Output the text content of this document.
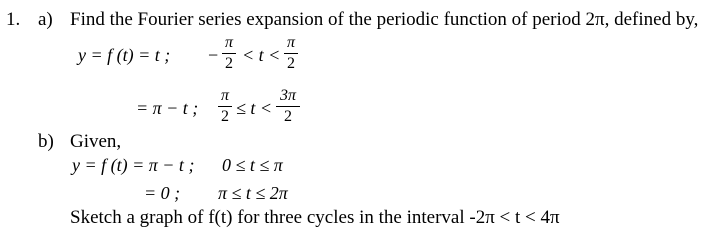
1. a) Find the Fourier series expansion of the periodic function of period 2π, defined by,
y = f (t) = t ; −
π
2 < t <
π
2
= π − t ;
π
2 ≤ t <
3π
2
b) Given,
y = f (t) = π − t ; 0 ≤ t ≤ π
= 0 ; π ≤ t ≤ 2π
Sketch a graph of f(t) for three cycles in the interval -2π < t < 4π
